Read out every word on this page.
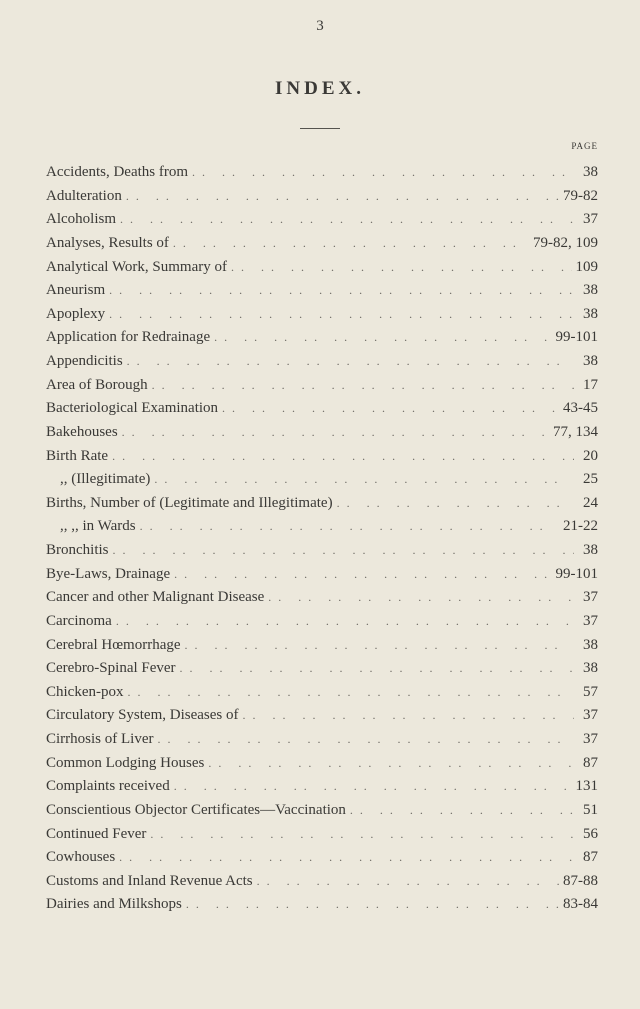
3
INDEX.
PAGE
Accidents, Deaths from . .	38
Adulteration . .	79-82
Alcoholism . .	37
Analyses, Results of . .	79-82, 109
Analytical Work, Summary of . .	109
Aneurism . .	38
Apoplexy . .	38
Application for Redrainage . .	99-101
Appendicitis . .	38
Area of Borough . .	17
Bacteriological Examination . .	43-45
Bakehouses . .	77, 134
Birth Rate . .	20
,, (Illegitimate) . .	25
Births, Number of (Legitimate and Illegitimate) . .	24
,, ,, in Wards . .	21-22
Bronchitis . .	38
Bye-Laws, Drainage . .	99-101
Cancer and other Malignant Disease . .	37
Carcinoma . .	37
Cerebral Hœmorrhage . .	38
Cerebro-Spinal Fever . .	38
Chicken-pox . .	57
Circulatory System, Diseases of . .	37
Cirrhosis of Liver . .	37
Common Lodging Houses . .	87
Complaints received . .	131
Conscientious Objector Certificates—Vaccination . .	51
Continued Fever . .	56
Cowhouses . .	87
Customs and Inland Revenue Acts . .	87-88
Dairies and Milkshops . .	83-84
